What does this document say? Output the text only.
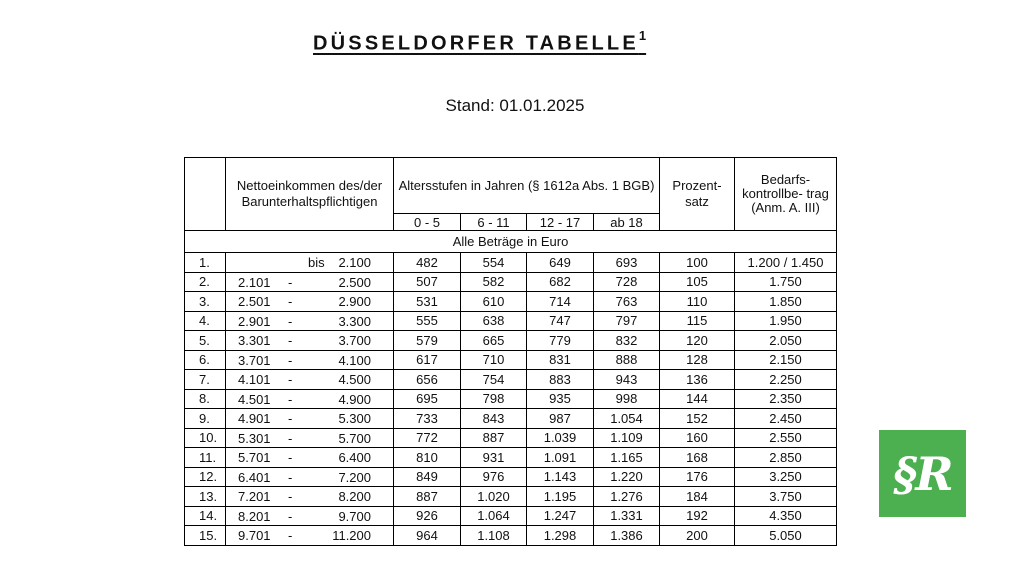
DÜSSELDORFER TABELLE$^1$
Stand: 01.01.2025
	Nettoeinkommen des/der Barunterhaltspflichtigen	Altersstufen in Jahren (§ 1612a Abs. 1 BGB)				Prozent- satz	Bedarfs- kontrollbe- trag (Anm. A. III)
		0 - 5	6 - 11	12 - 17	ab 18		
Alle Beträge in Euro							
1.	bis 2.100	482	554	649	693	100	1.200 / 1.450
2.	2.101 - 2.500	507	582	682	728	105	1.750
3.	2.501 - 2.900	531	610	714	763	110	1.850
4.	2.901 - 3.300	555	638	747	797	115	1.950
5.	3.301 - 3.700	579	665	779	832	120	2.050
6.	3.701 - 4.100	617	710	831	888	128	2.150
7.	4.101 - 4.500	656	754	883	943	136	2.250
8.	4.501 - 4.900	695	798	935	998	144	2.350
9.	4.901 - 5.300	733	843	987	1.054	152	2.450
10.	5.301 - 5.700	772	887	1.039	1.109	160	2.550
11.	5.701 - 6.400	810	931	1.091	1.165	168	2.850
12.	6.401 - 7.200	849	976	1.143	1.220	176	3.250
13.	7.201 - 8.200	887	1.020	1.195	1.276	184	3.750
14.	8.201 - 9.700	926	1.064	1.247	1.331	192	4.350
15.	9.701 - 11.200	964	1.108	1.298	1.386	200	5.050
§R
